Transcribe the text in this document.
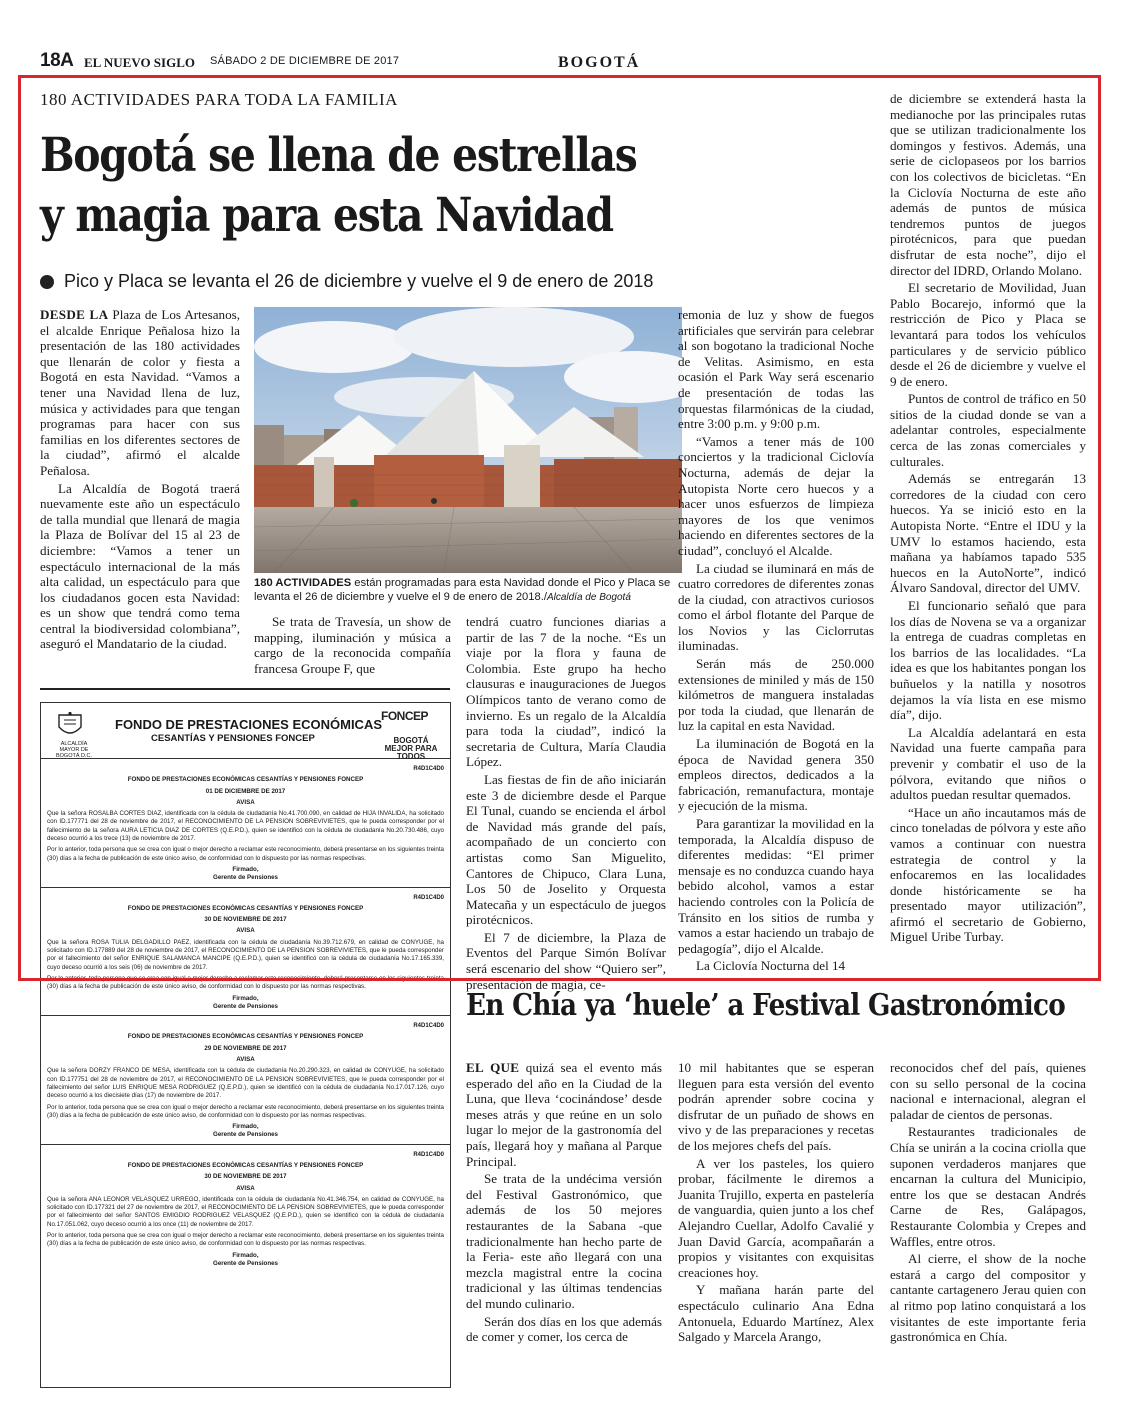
18A EL NUEVO SIGLO SÁBADO 2 DE DICIEMBRE DE 2017	BOGOTÁ
180 ACTIVIDADES PARA TODA LA FAMILIA
Bogotá se llena de estrellas
y magia para esta Navidad
Pico y Placa se levanta el 26 de diciembre y vuelve el 9 de enero de 2018

DESDE LA Plaza de Los Artesanos, el alcalde Enrique Peñalosa hizo la presentación de las 180 actividades que llenarán de color y fiesta a Bogotá en esta Navidad. “Vamos a tener una Navidad llena de luz, música y actividades para que tengan programas para hacer con sus familias en los diferentes sectores de la ciudad”, afirmó el alcalde Peñalosa.

La Alcaldía de Bogotá traerá nuevamente este año un espectáculo de talla mundial que llenará de magia la Plaza de Bolívar del 15 al 23 de diciembre: “Vamos a tener un espectáculo internacional de la más alta calidad, un espectáculo para que los ciudadanos gocen esta Navidad: es un show que tendrá como tema central la biodiversidad colombiana”, aseguró el Mandatario de la ciudad.

180 ACTIVIDADES están programadas para esta Navidad donde el Pico y Placa se levanta el 26 de diciembre y vuelve el 9 de enero de 2018./Alcaldía de Bogotá

Se trata de Travesía, un show de mapping, iluminación y música a cargo de la reconocida compañía francesa Groupe F, que

tendrá cuatro funciones diarias a partir de las 7 de la noche. “Es un viaje por la flora y fauna de Colombia. Este grupo ha hecho clausuras e inauguraciones de Juegos Olímpicos tanto de verano como de invierno. Es un regalo de la Alcaldía para toda la ciudad”, indicó la secretaria de Cultura, María Claudia López.

Las fiestas de fin de año iniciarán este 3 de diciembre desde el Parque El Tunal, cuando se encienda el árbol de Navidad más grande del país, acompañado de un concierto con artistas como San Miguelito, Cantores de Chipuco, Clara Luna, Los 50 de Joselito y Orquesta Matecaña y un espectáculo de juegos pirotécnicos.

El 7 de diciembre, la Plaza de Eventos del Parque Simón Bolívar será escenario del show “Quiero ser”, presentación de magia, ce-

remonia de luz y show de fuegos artificiales que servirán para celebrar al son bogotano la tradicional Noche de Velitas. Asimismo, en esta ocasión el Park Way será escenario de presentación de todas las orquestas filarmónicas de la ciudad, entre 3:00 p.m. y 9:00 p.m.

“Vamos a tener más de 100 conciertos y la tradicional Ciclovía Nocturna, además de dejar la Autopista Norte cero huecos y a hacer unos esfuerzos de limpieza mayores de los que venimos haciendo en diferentes sectores de la ciudad”, concluyó el Alcalde.

La ciudad se iluminará en más de cuatro corredores de diferentes zonas de la ciudad, con atractivos curiosos como el árbol flotante del Parque de los Novios y las Ciclorrutas iluminadas.

Serán más de 250.000 extensiones de miniled y más de 150 kilómetros de manguera instaladas por toda la ciudad, que llenarán de luz la capital en esta Navidad.

La iluminación de Bogotá en la época de Navidad genera 350 empleos directos, dedicados a la fabricación, remanufactura, montaje y ejecución de la misma.

Para garantizar la movilidad en la temporada, la Alcaldía dispuso de diferentes medidas: “El primer mensaje es no conduzca cuando haya bebido alcohol, vamos a estar haciendo controles con la Policía de Tránsito en los sitios de rumba y vamos a estar haciendo un trabajo de pedagogía”, dijo el Alcalde.

La Ciclovía Nocturna del 14

de diciembre se extenderá hasta la medianoche por las principales rutas que se utilizan tradicionalmente los domingos y festivos. Además, una serie de ciclopaseos por los barrios con los colectivos de bicicletas. “En la Ciclovía Nocturna de este año además de puntos de música tendremos puntos de juegos pirotécnicos, para que puedan disfrutar de esta noche”, dijo el director del IDRD, Orlando Molano.

El secretario de Movilidad, Juan Pablo Bocarejo, informó que la restricción de Pico y Placa se levantará para todos los vehículos particulares y de servicio público desde el 26 de diciembre y vuelve el 9 de enero.

Puntos de control de tráfico en 50 sitios de la ciudad donde se van a adelantar controles, especialmente cerca de las zonas comerciales y culturales.

Además se entregarán 13 corredores de la ciudad con cero huecos. Ya se inició esto en la Autopista Norte. “Entre el IDU y la UMV lo estamos haciendo, esta mañana ya habíamos tapado 535 huecos en la AutoNorte”, indicó Álvaro Sandoval, director del UMV.

El funcionario señaló que para los días de Novena se va a organizar la entrega de cuadras completas en los barrios de las localidades. “La idea es que los habitantes pongan los buñuelos y la natilla y nosotros dejamos la vía lista en ese mismo día”, dijo.

La Alcaldía adelantará en esta Navidad una fuerte campaña para prevenir y combatir el uso de la pólvora, evitando que niños o adultos puedan resultar quemados.

“Hace un año incautamos más de cinco toneladas de pólvora y este año vamos a continuar con nuestra estrategia de control y la enfocaremos en las localidades donde históricamente se ha presentado mayor utilización”, afirmó el secretario de Gobierno, Miguel Uribe Turbay.

ALCALDÍA MAYOR DE BOGOTÁ D.C.
FONDO DE PRESTACIONES ECONÓMICAS
CESANTÍAS Y PENSIONES FONCEP
FONCEP
BOGOTÁ MEJOR PARA TODOS
R4D1C4D0
FONDO DE PRESTACIONES ECONÓMICAS CESANTÍAS Y PENSIONES FONCEP
01 DE DICIEMBRE DE 2017
AVISA
Que la señora ROSALBA CORTES DIAZ, identificada con la cédula de ciudadanía No.41.700.090, en calidad de HIJA INVALIDA, ha solicitado con ID.177771 del 28 de noviembre de 2017, el RECONOCIMIENTO DE LA PENSION SOBREVIVIETES, que le pueda corresponder por el fallecimiento de la señora AURA LETICIA DIAZ DE CORTES (Q.E.P.D.), quien se identificó con la cédula de ciudadanía No.20.730.486, cuyo deceso ocurrió a los trece (13) de noviembre de 2017.
Por lo anterior, toda persona que se crea con igual o mejor derecho a reclamar este reconocimiento, deberá presentarse en los siguientes treinta (30) días a la fecha de publicación de este único aviso, de conformidad con lo dispuesto por las normas respectivas.
Firmado,
Gerente de Pensiones
R4D1C4D0
FONDO DE PRESTACIONES ECONÓMICAS CESANTÍAS Y PENSIONES FONCEP
30 DE NOVIEMBRE DE 2017
AVISA
Que la señora ROSA TULIA DELGADILLO PAEZ, identificada con la cédula de ciudadanía No.39.712.679, en calidad de CONYUGE, ha solicitado con ID.177889 del 28 de noviembre de 2017, el RECONOCIMIENTO DE LA PENSION SOBREVIVIETES, que le pueda corresponder por el fallecimiento del señor ENRIQUE SALAMANCA MANCIPE (Q.E.P.D.), quien se identificó con la cédula de ciudadanía No.17.165.339, cuyo deceso ocurrió a los seis (06) de noviembre de 2017.
Por lo anterior, toda persona que se crea con igual o mejor derecho a reclamar este reconocimiento, deberá presentarse en los siguientes treinta (30) días a la fecha de publicación de este único aviso, de conformidad con lo dispuesto por las normas respectivas.
Firmado,
Gerente de Pensiones
R4D1C4D0
FONDO DE PRESTACIONES ECONÓMICAS CESANTÍAS Y PENSIONES FONCEP
29 DE NOVIEMBRE DE 2017
AVISA
Que la señora DORZY FRANCO DE MESA, identificada con la cédula de ciudadanía No.20.290.323, en calidad de CONYUGE, ha solicitado con ID.177751 del 28 de noviembre de 2017, el RECONOCIMIENTO DE LA PENSION SOBREVIVIETES, que le pueda corresponder por el fallecimiento del señor LUIS ENRIQUE MESA RODRIGUEZ (Q.E.P.D.), quien se identificó con la cédula de ciudadanía No.17.017.126, cuyo deceso ocurrió a los diecisiete días (17) de noviembre de 2017.
Por lo anterior, toda persona que se crea con igual o mejor derecho a reclamar este reconocimiento, deberá presentarse en los siguientes treinta (30) días a la fecha de publicación de este único aviso, de conformidad con lo dispuesto por las normas respectivas.
Firmado,
Gerente de Pensiones
R4D1C4D0
FONDO DE PRESTACIONES ECONÓMICAS CESANTÍAS Y PENSIONES FONCEP
30 DE NOVIEMBRE DE 2017
AVISA
Que la señora ANA LEONOR VELASQUEZ URREGO, identificada con la cédula de ciudadanía No.41.346.754, en calidad de CONYUGE, ha solicitado con ID.177321 del 27 de noviembre de 2017, el RECONOCIMIENTO DE LA PENSION SOBREVIVIETES, que le pueda corresponder por el fallecimiento del señor SANTOS EMIGDIO RODRIGUEZ VELASQUEZ (Q.E.P.D.), quien se identificó con la cédula de ciudadanía No.17.051.062, cuyo deceso ocurrió a los once (11) de noviembre de 2017.
Por lo anterior, toda persona que se crea con igual o mejor derecho a reclamar este reconocimiento, deberá presentarse en los siguientes treinta (30) días a la fecha de publicación de este único aviso, de conformidad con lo dispuesto por las normas respectivas.
Firmado,
Gerente de Pensiones
En Chía ya ‘huele’ a Festival Gastronómico

EL QUE quizá sea el evento más esperado del año en la Ciudad de la Luna, que lleva ‘cocinándose’ desde meses atrás y que reúne en un solo lugar lo mejor de la gastronomía del país, llegará hoy y mañana al Parque Principal.

Se trata de la undécima versión del Festival Gastronómico, que además de los 50 mejores restaurantes de la Sabana -que tradicionalmente han hecho parte de la Feria- este año llegará con una mezcla magistral entre la cocina tradicional y las últimas tendencias del mundo culinario.

Serán dos días en los que además de comer y comer, los cerca de

10 mil habitantes que se esperan lleguen para esta versión del evento podrán aprender sobre cocina y disfrutar de un puñado de shows en vivo y de las preparaciones y recetas de los mejores chefs del país.

A ver los pasteles, los quiero probar, fácilmente le diremos a Juanita Trujillo, experta en pastelería de vanguardia, quien junto a los chef Alejandro Cuellar, Adolfo Cavalié y Juan David García, acompañarán a propios y visitantes con exquisitas creaciones hoy.

Y mañana harán parte del espectáculo culinario Ana Edna Antonuela, Eduardo Martínez, Alex Salgado y Marcela Arango,

reconocidos chef del país, quienes con su sello personal de la cocina nacional e internacional, alegran el paladar de cientos de personas.

Restaurantes tradicionales de Chía se unirán a la cocina criolla que suponen verdaderos manjares que encarnan la cultura del Municipio, entre los que se destacan Andrés Carne de Res, Galápagos, Restaurante Colombia y Crepes and Waffles, entre otros.

Al cierre, el show de la noche estará a cargo del compositor y cantante cartagenero Jerau quien con al ritmo pop latino conquistará a los visitantes de este importante feria gastronómica en Chía.
